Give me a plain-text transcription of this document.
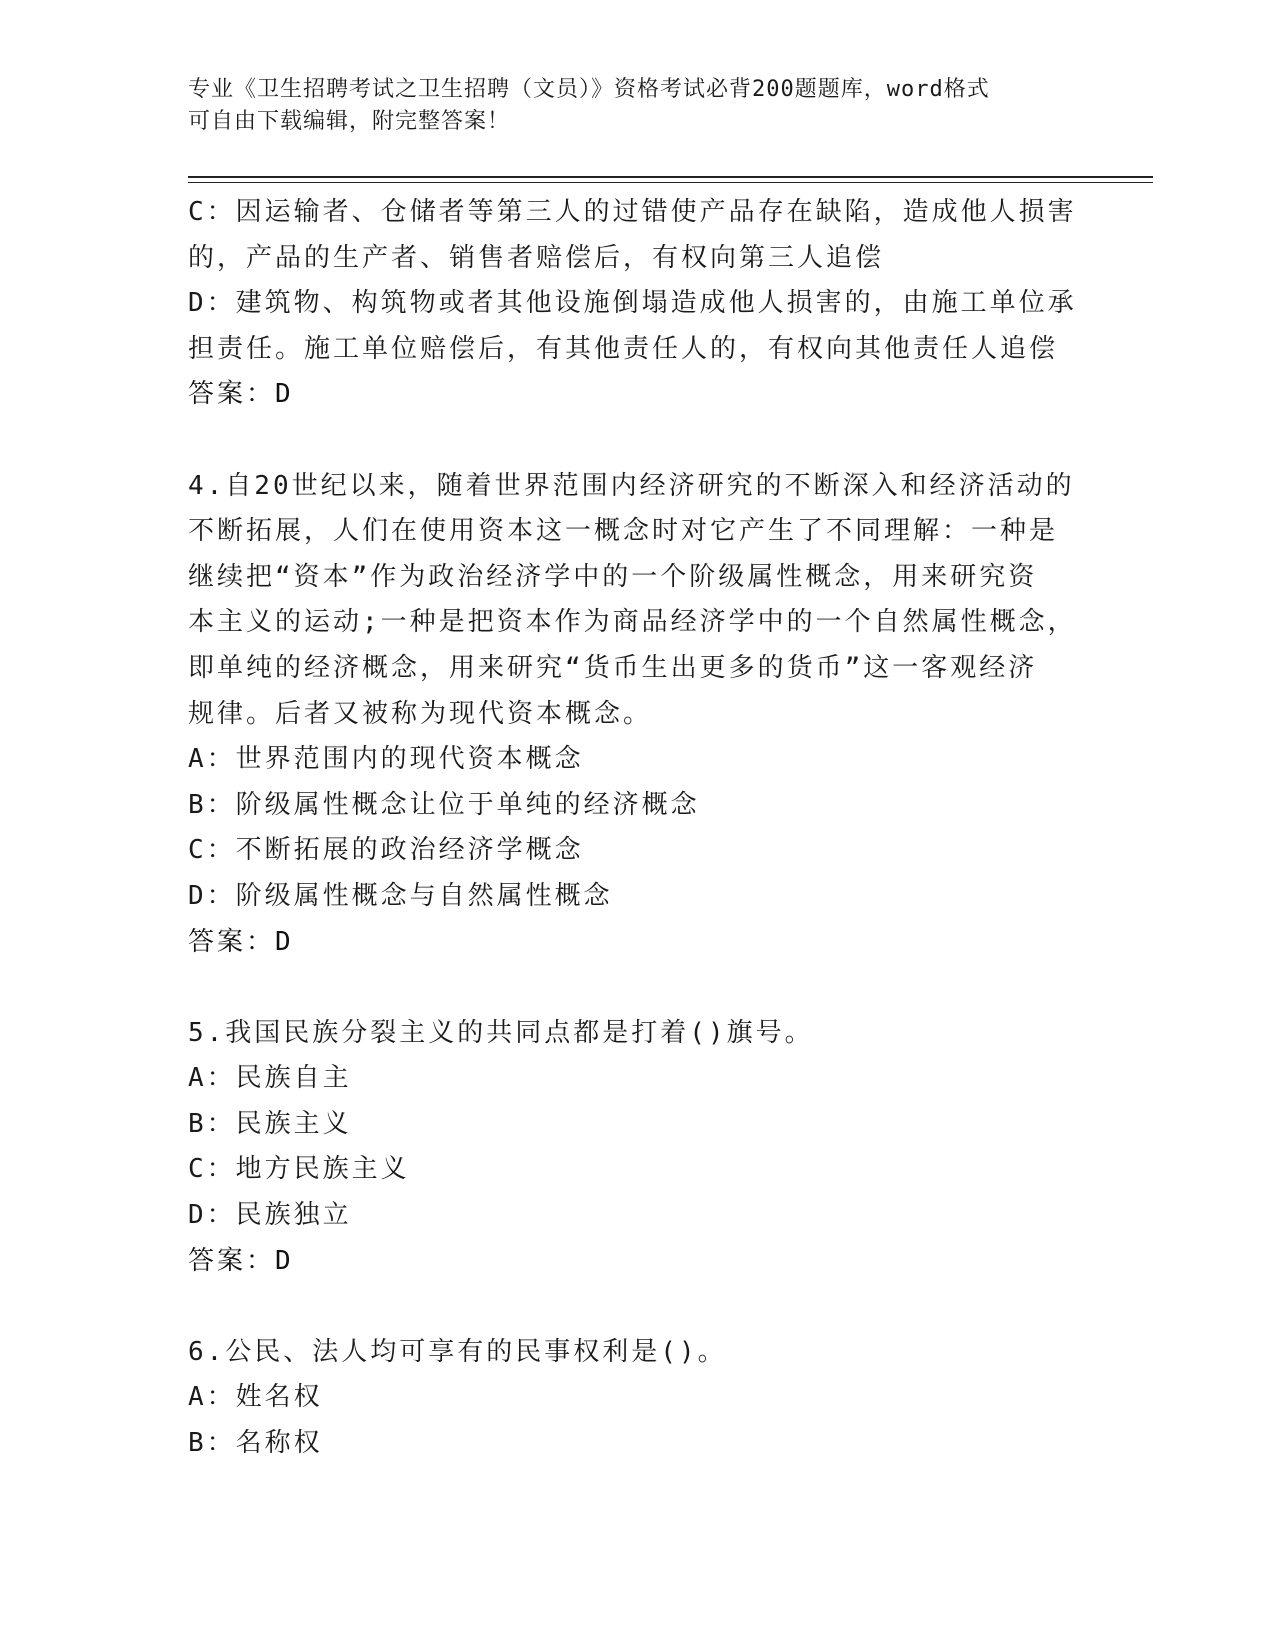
专业《卫生招聘考试之卫生招聘（文员）》资格考试必背200题题库，word格式
可自由下载编辑，附完整答案！
C：因运输者、仓储者等第三人的过错使产品存在缺陷，造成他人损害
的，产品的生产者、销售者赔偿后，有权向第三人追偿
D：建筑物、构筑物或者其他设施倒塌造成他人损害的，由施工单位承
担责任。施工单位赔偿后，有其他责任人的，有权向其他责任人追偿
答案：D
4.自20世纪以来，随着世界范围内经济研究的不断深入和经济活动的
不断拓展，人们在使用资本这一概念时对它产生了不同理解：一种是
继续把“资本”作为政治经济学中的一个阶级属性概念，用来研究资
本主义的运动;一种是把资本作为商品经济学中的一个自然属性概念，
即单纯的经济概念，用来研究“货币生出更多的货币”这一客观经济
规律。后者又被称为现代资本概念。
A：世界范围内的现代资本概念
B：阶级属性概念让位于单纯的经济概念
C：不断拓展的政治经济学概念
D：阶级属性概念与自然属性概念
答案：D
5.我国民族分裂主义的共同点都是打着()旗号。
A：民族自主
B：民族主义
C：地方民族主义
D：民族独立
答案：D
6.公民、法人均可享有的民事权利是()。
A：姓名权
B：名称权
